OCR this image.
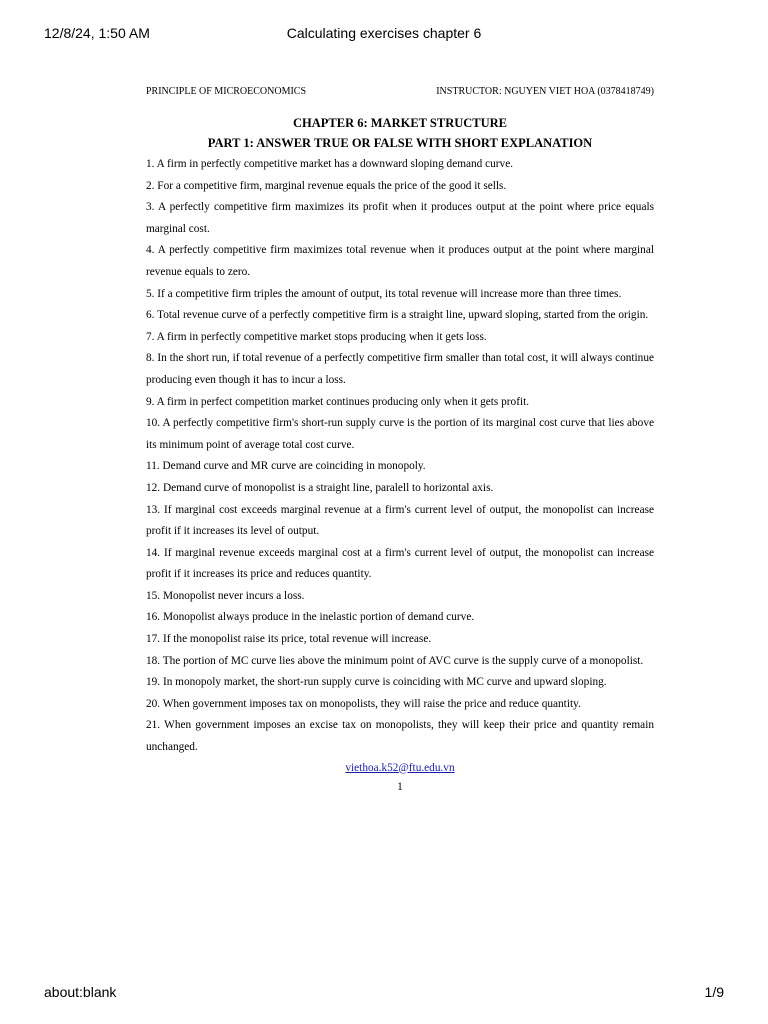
12/8/24, 1:50 AM	Calculating exercises chapter 6
PRINCIPLE OF MICROECONOMICS	INSTRUCTOR: NGUYEN VIET HOA (0378418749)
CHAPTER 6: MARKET STRUCTURE
PART 1: ANSWER TRUE OR FALSE WITH SHORT EXPLANATION
1. A firm in perfectly competitive market has a downward sloping demand curve.
2. For a competitive firm, marginal revenue equals the price of the good it sells.
3. A perfectly competitive firm maximizes its profit when it produces output at the point where price equals marginal cost.
4. A perfectly competitive firm maximizes total revenue when it produces output at the point where marginal revenue equals to zero.
5. If a competitive firm triples the amount of output, its total revenue will increase more than three times.
6. Total revenue curve of a perfectly competitive firm is a straight line, upward sloping, started from the origin.
7. A firm in perfectly competitive market stops producing when it gets loss.
8. In the short run, if total revenue of a perfectly competitive firm smaller than total cost, it will always continue producing even though it has to incur a loss.
9. A firm in perfect competition market continues producing only when it gets profit.
10. A perfectly competitive firm's short-run supply curve is the portion of its marginal cost curve that lies above its minimum point of average total cost curve.
11. Demand curve and MR curve are coinciding in monopoly.
12. Demand curve of monopolist is a straight line, paralell to horizontal axis.
13. If marginal cost exceeds marginal revenue at a firm's current level of output, the monopolist can increase profit if it increases its level of output.
14. If marginal revenue exceeds marginal cost at a firm's current level of output, the monopolist can increase profit if it increases its price and reduces quantity.
15. Monopolist never incurs a loss.
16. Monopolist always produce in the inelastic portion of demand curve.
17. If the monopolist raise its price, total revenue will increase.
18. The portion of MC curve lies above the minimum point of AVC curve is the supply curve of a monopolist.
19. In monopoly market, the short-run supply curve is coinciding with MC curve and upward sloping.
20. When government imposes tax on monopolists, they will raise the price and reduce quantity.
21. When government imposes an excise tax on monopolists, they will keep their price and quantity remain unchanged.
viethoa.k52@ftu.edu.vn
1
about:blank	1/9
